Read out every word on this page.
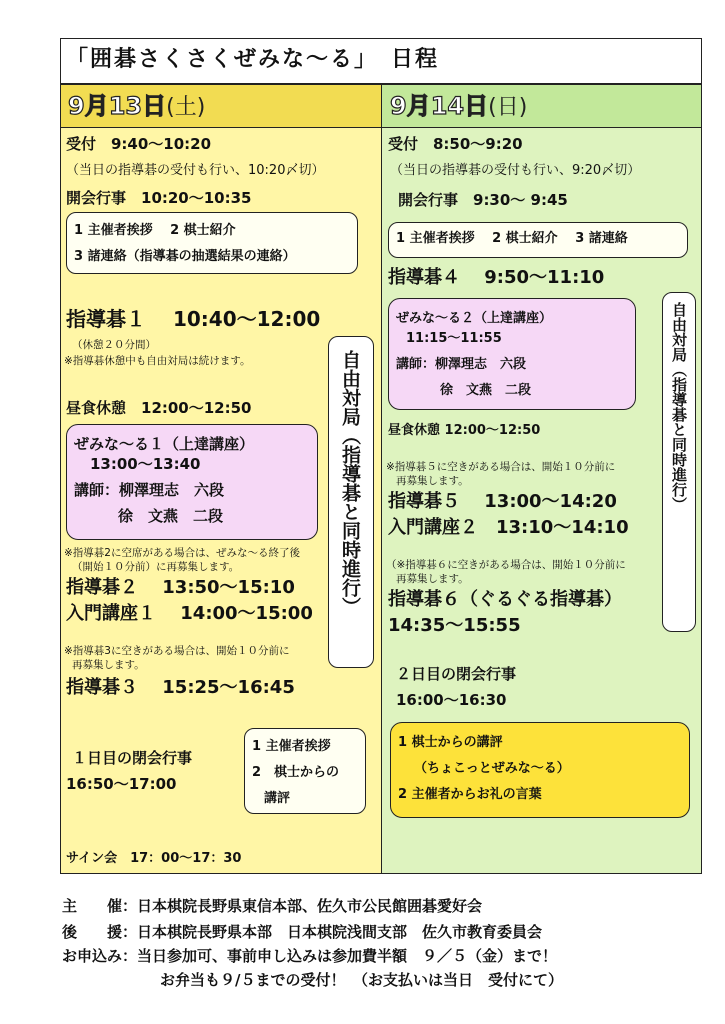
「囲碁さくさくぜみな～る」　日程
9月13日(土)	9月14日(日)
受付　9:40～10:20
（当日の指導碁の受付も行い、10:20〆切）
開会行事　10:20～10:35
1 主催者挨拶　 2 棋士紹介
3 諸連絡（指導碁の抽選結果の連絡）
指導碁１　 10:40～12:00
（休憩２０分間）
※指導碁休憩中も自由対局は続けます。
昼食休憩　12:00～12:50
ぜみな～る１（上達講座）
13:00～13:40
講師：柳澤理志　六段
徐　文燕　二段
※指導碁2に空席がある場合は、ぜみな～る終了後
（開始１０分前）に再募集します。
指導碁２　 13:50～15:10
入門講座１　 14:00～15:00
※指導碁3に空きがある場合は、開始１０分前に
再募集します。
指導碁３　 15:25～16:45
１日目の閉会行事
16:50～17:00
1 主催者挨拶
2　棋士からの
講評
サイン会　17：00～17：30
自由対局（指導碁と同時進行）
受付　8:50～9:20
（当日の指導碁の受付も行い、9:20〆切）
開会行事　9:30～ 9:45
1 主催者挨拶　 2 棋士紹介　 3 諸連絡
指導碁４　 9:50～11:10
ぜみな～る２（上達講座）
11:15～11:55
講師：柳澤理志　六段
徐　文燕　二段
昼食休憩 12:00～12:50
※指導碁５に空きがある場合は、開始１０分前に
再募集します。
指導碁５　 13:00～14:20
入門講座２　13:10～14:10
（※指導碁６に空きがある場合は、開始１０分前に
再募集します。
指導碁６（ぐるぐる指導碁）
14:35～15:55
２日目の閉会行事
16:00～16:30
1 棋士からの講評
（ちょこっとぜみな～る）
2 主催者からお礼の言葉
自由対局（指導碁と同時進行）
主　　催：日本棋院長野県東信本部、佐久市公民館囲碁愛好会
後　　援：日本棋院長野県本部　日本棋院浅間支部　佐久市教育委員会
お申込み：当日参加可、事前申し込みは参加費半額　９／５（金）まで！
お弁当も９/５までの受付！　（お支払いは当日　受付にて）
